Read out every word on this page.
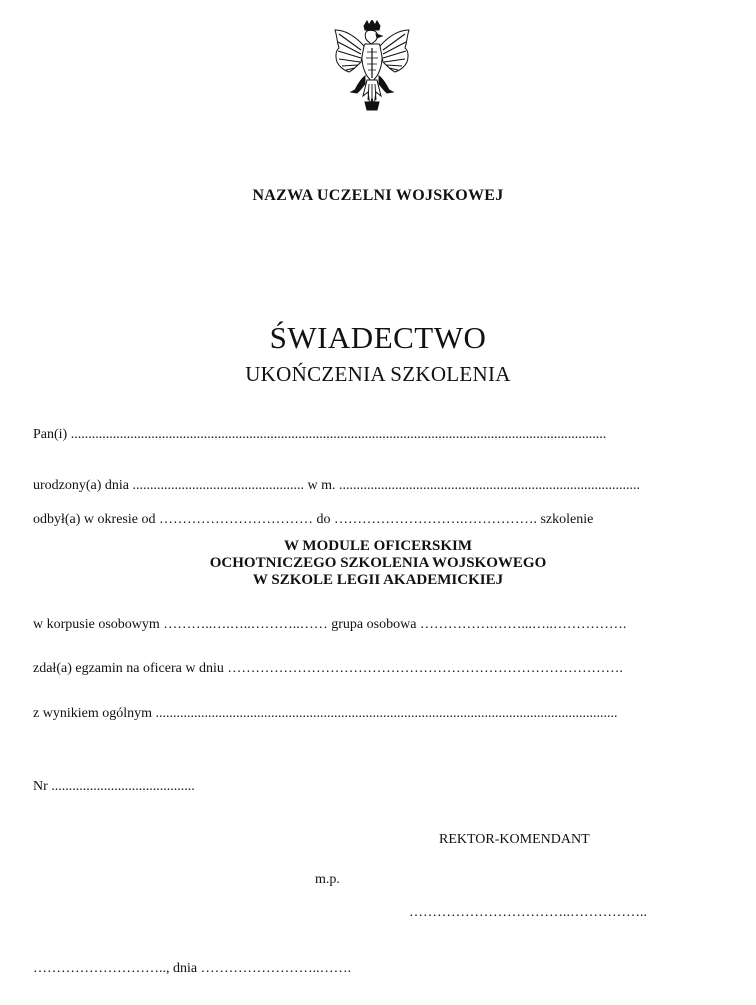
NAZWA UCZELNI WOJSKOWEJ
ŚWIADECTWO
UKOŃCZENIA SZKOLENIA
Pan(i) .........................................................................................................................................................
urodzony(a) dnia ................................................. w m. ......................................................................................
odbył(a) w okresie od …………………………… do ……………………….……………. szkolenie
W MODULE OFICERSKIM
OCHOTNICZEGO SZKOLENIA WOJSKOWEGO
W SZKOLE LEGII AKADEMICKIEJ
w korpusie osobowym ………..….…..………..…… grupa osobowa …………….……...…..…………….
zdał(a) egzamin na oficera w dniu ………………………………………………………………………….
z wynikiem ogólnym ....................................................................................................................................
Nr .........................................
REKTOR-KOMENDANT
m.p.
……………………………..……………..
……………………….., dnia ……………………..…….
